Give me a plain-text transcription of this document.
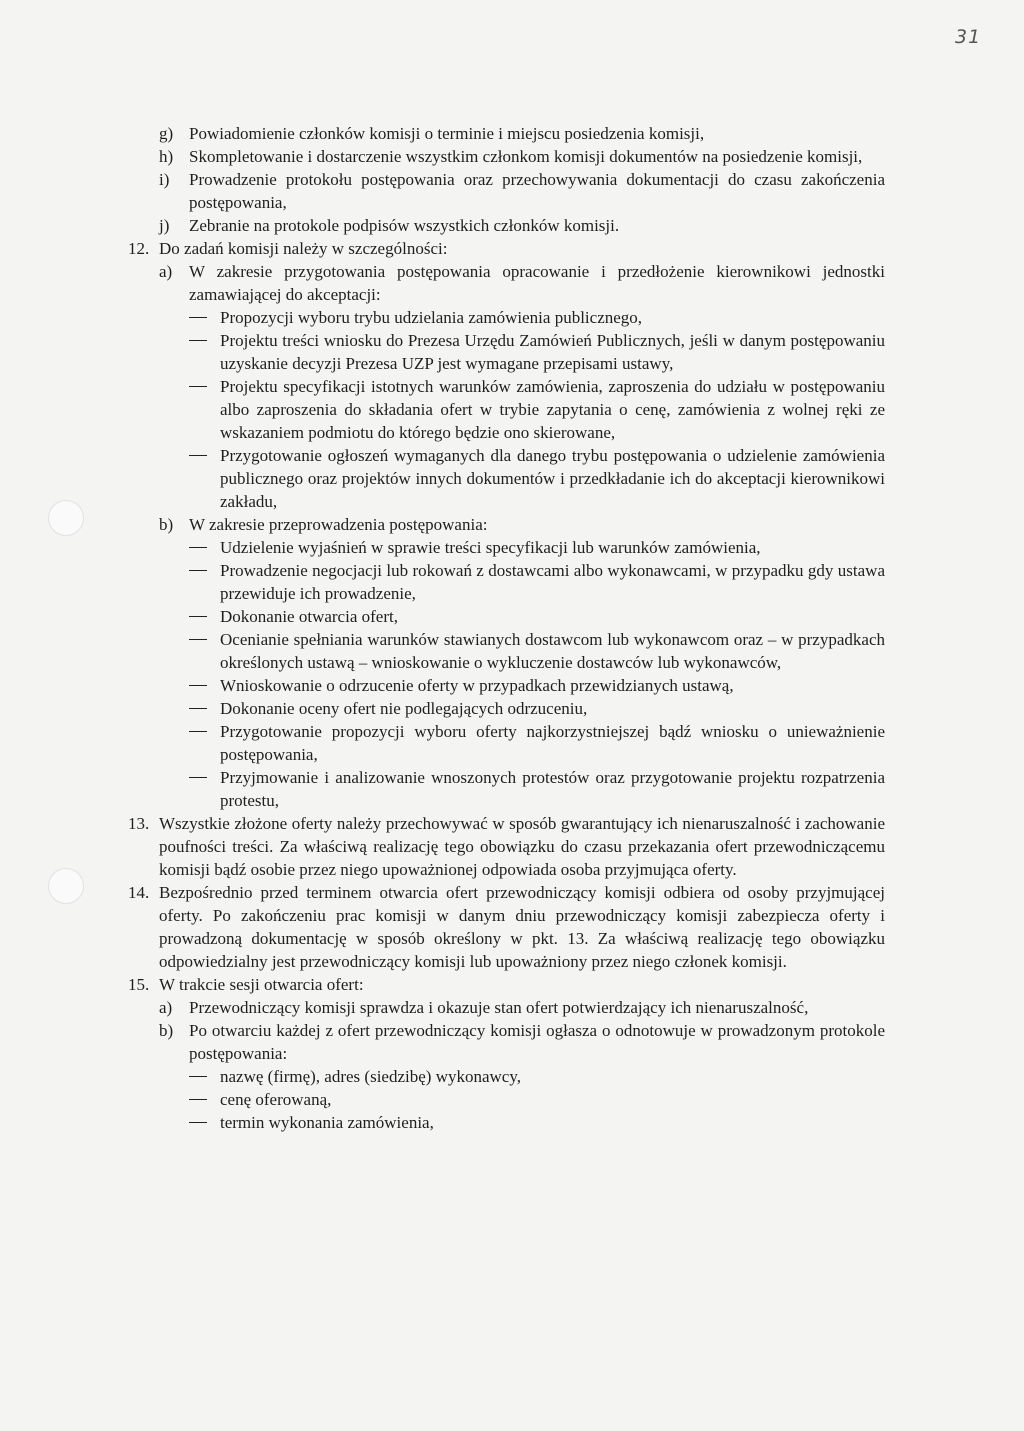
31
g) Powiadomienie członków komisji o terminie i miejscu posiedzenia komisji,
h) Skompletowanie i dostarczenie wszystkim członkom komisji dokumentów na posiedzenie komisji,
i)	Prowadzenie protokołu postępowania oraz przechowywania dokumentacji do czasu zakończenia postępowania,
j)	Zebranie na protokole podpisów wszystkich członków komisji.
12. Do zadań komisji należy w szczególności:
a) W zakresie przygotowania postępowania opracowanie i przedłożenie kierownikowi jednostki zamawiającej do akceptacji:
Propozycji wyboru trybu udzielania zamówienia publicznego,
Projektu treści wniosku do Prezesa Urzędu Zamówień Publicznych, jeśli w danym postępowaniu uzyskanie decyzji Prezesa UZP jest wymagane przepisami ustawy,
Projektu specyfikacji istotnych warunków zamówienia, zaproszenia do udziału w postępowaniu albo zaproszenia do składania ofert w trybie zapytania o cenę, zamówienia z wolnej ręki ze wskazaniem podmiotu do którego będzie ono skierowane,
Przygotowanie ogłoszeń wymaganych dla danego trybu postępowania o udzielenie zamówienia publicznego oraz projektów innych dokumentów i przedkładanie ich do akceptacji kierownikowi zakładu,
b) W zakresie przeprowadzenia postępowania:
Udzielenie wyjaśnień w sprawie treści specyfikacji lub warunków zamówienia,
Prowadzenie negocjacji lub rokowań z dostawcami albo wykonawcami, w przypadku gdy ustawa przewiduje ich prowadzenie,
Dokonanie otwarcia ofert,
Ocenianie spełniania warunków stawianych dostawcom lub wykonawcom oraz – w przypadkach określonych ustawą – wnioskowanie o wykluczenie dostawców lub wykonawców,
Wnioskowanie o odrzucenie oferty w przypadkach przewidzianych ustawą,
Dokonanie oceny ofert nie podlegających odrzuceniu,
Przygotowanie propozycji wyboru oferty najkorzystniejszej bądź wniosku o unieważnienie postępowania,
Przyjmowanie i analizowanie wnoszonych protestów oraz przygotowanie projektu rozpatrzenia protestu,
13. Wszystkie złożone oferty należy przechowywać w sposób gwarantujący ich nienaruszalność i zachowanie poufności treści. Za właściwą realizację tego obowiązku do czasu przekazania ofert przewodniczącemu komisji bądź osobie przez niego upoważnionej odpowiada osoba przyjmująca oferty.
14. Bezpośrednio przed terminem otwarcia ofert przewodniczący komisji odbiera od osoby przyjmującej oferty. Po zakończeniu prac komisji w danym dniu przewodniczący komisji zabezpiecza oferty i prowadzoną dokumentację w sposób określony w pkt. 13. Za właściwą realizację tego obowiązku odpowiedzialny jest przewodniczący komisji lub upoważniony przez niego członek komisji.
15. W trakcie sesji otwarcia ofert:
a) Przewodniczący komisji sprawdza i okazuje stan ofert potwierdzający ich nienaruszalność,
b) Po otwarciu każdej z ofert przewodniczący komisji ogłasza o odnotowuje w prowadzonym protokole postępowania:
nazwę (firmę), adres (siedzibę) wykonawcy,
cenę oferowaną,
termin wykonania zamówienia,
